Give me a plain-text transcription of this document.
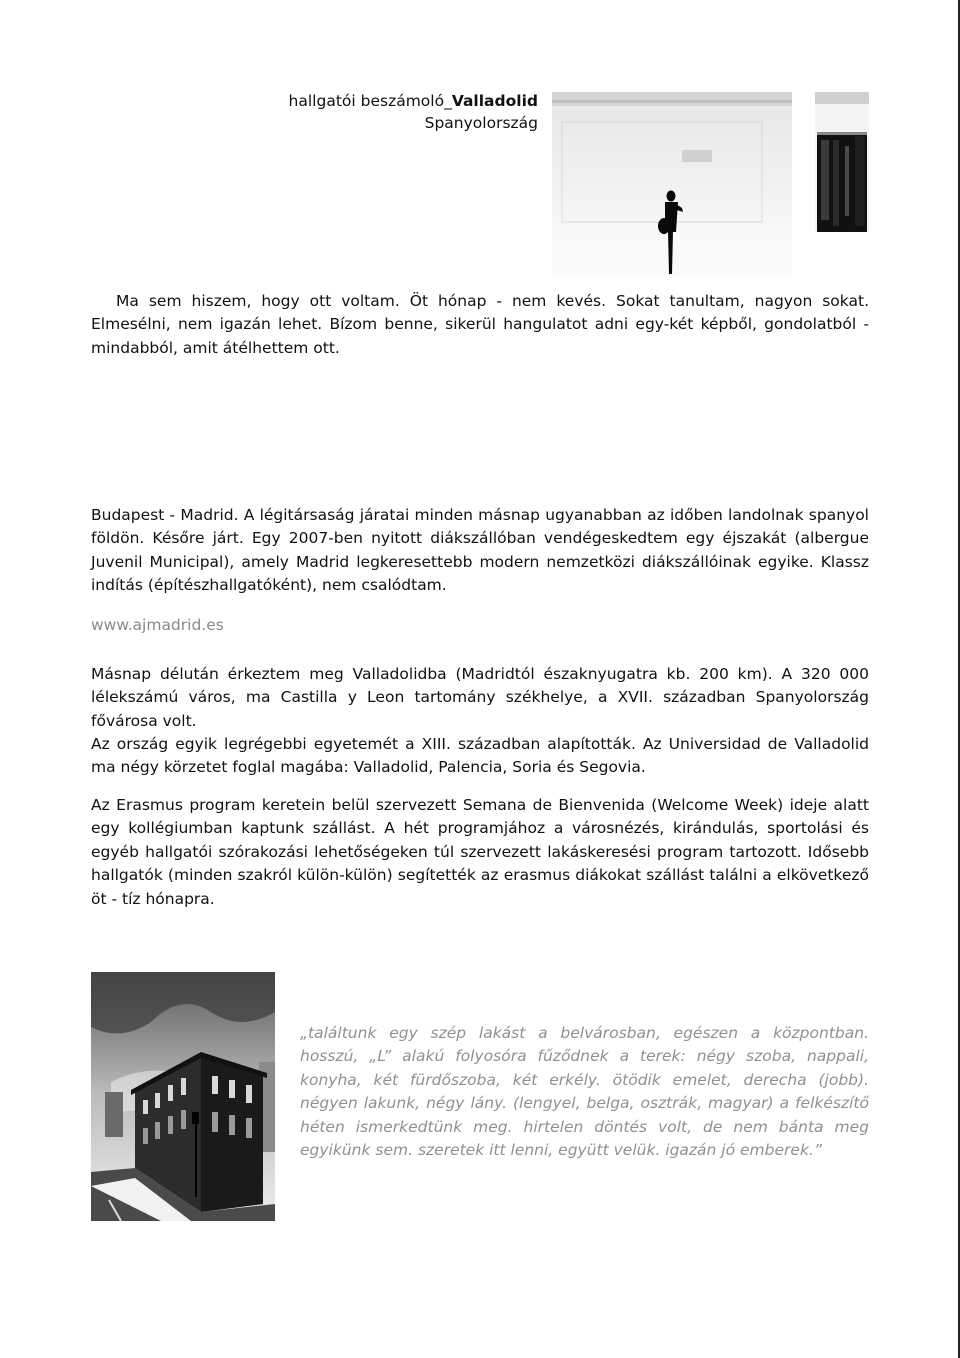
hallgatói beszámoló_Valladolid
Spanyolország

Ma sem hiszem, hogy ott voltam. Öt hónap - nem kevés. Sokat tanultam, nagyon sokat. Elmesélni, nem igazán lehet. Bízom benne, sikerül hangulatot adni egy-két képből, gondolatból - mindabból, amit átélhettem ott.

Budapest - Madrid. A légitársaság járatai minden másnap ugyanabban az időben landolnak spanyol földön. Későre járt. Egy 2007-ben nyitott diákszállóban vendégeskedtem egy éjszakát (albergue Juvenil Municipal), amely Madrid legkeresettebb modern nemzetközi diákszállóinak egyike. Klassz indítás (építészhallgatóként), nem csalódtam.

www.ajmadrid.es

Másnap délután érkeztem meg Valladolidba (Madridtól északnyugatra kb. 200 km). A 320 000 lélekszámú város, ma Castilla y Leon tartomány székhelye, a XVII. században Spanyolország fővárosa volt.

Az ország egyik legrégebbi egyetemét a XIII. században alapították. Az Universidad de Valladolid ma négy körzetet foglal magába: Valladolid, Palencia, Soria és Segovia.

Az Erasmus program keretein belül szervezett Semana de Bienvenida (Welcome Week) ideje alatt egy kollégiumban kaptunk szállást. A hét programjához a városnézés, kirándulás, sportolási és egyéb hallgatói szórakozási lehetőségeken túl szervezett lakáskeresési program tartozott. Idősebb hallgatók (minden szakról külön-külön) segítették az erasmus diákokat szállást találni a elkövetkező öt - tíz hónapra.

„találtunk egy szép lakást a belvárosban, egészen a központban. hosszú, „L” alakú folyosóra fűződnek a terek: négy szoba, nappali, konyha, két fürdőszoba, két erkély. ötödik emelet, derecha (jobb). négyen lakunk, négy lány. (lengyel, belga, osztrák, magyar) a felkészítő héten ismerkedtünk meg. hirtelen döntés volt, de nem bánta meg egyikünk sem. szeretek itt lenni, együtt velük. igazán jó emberek.”
